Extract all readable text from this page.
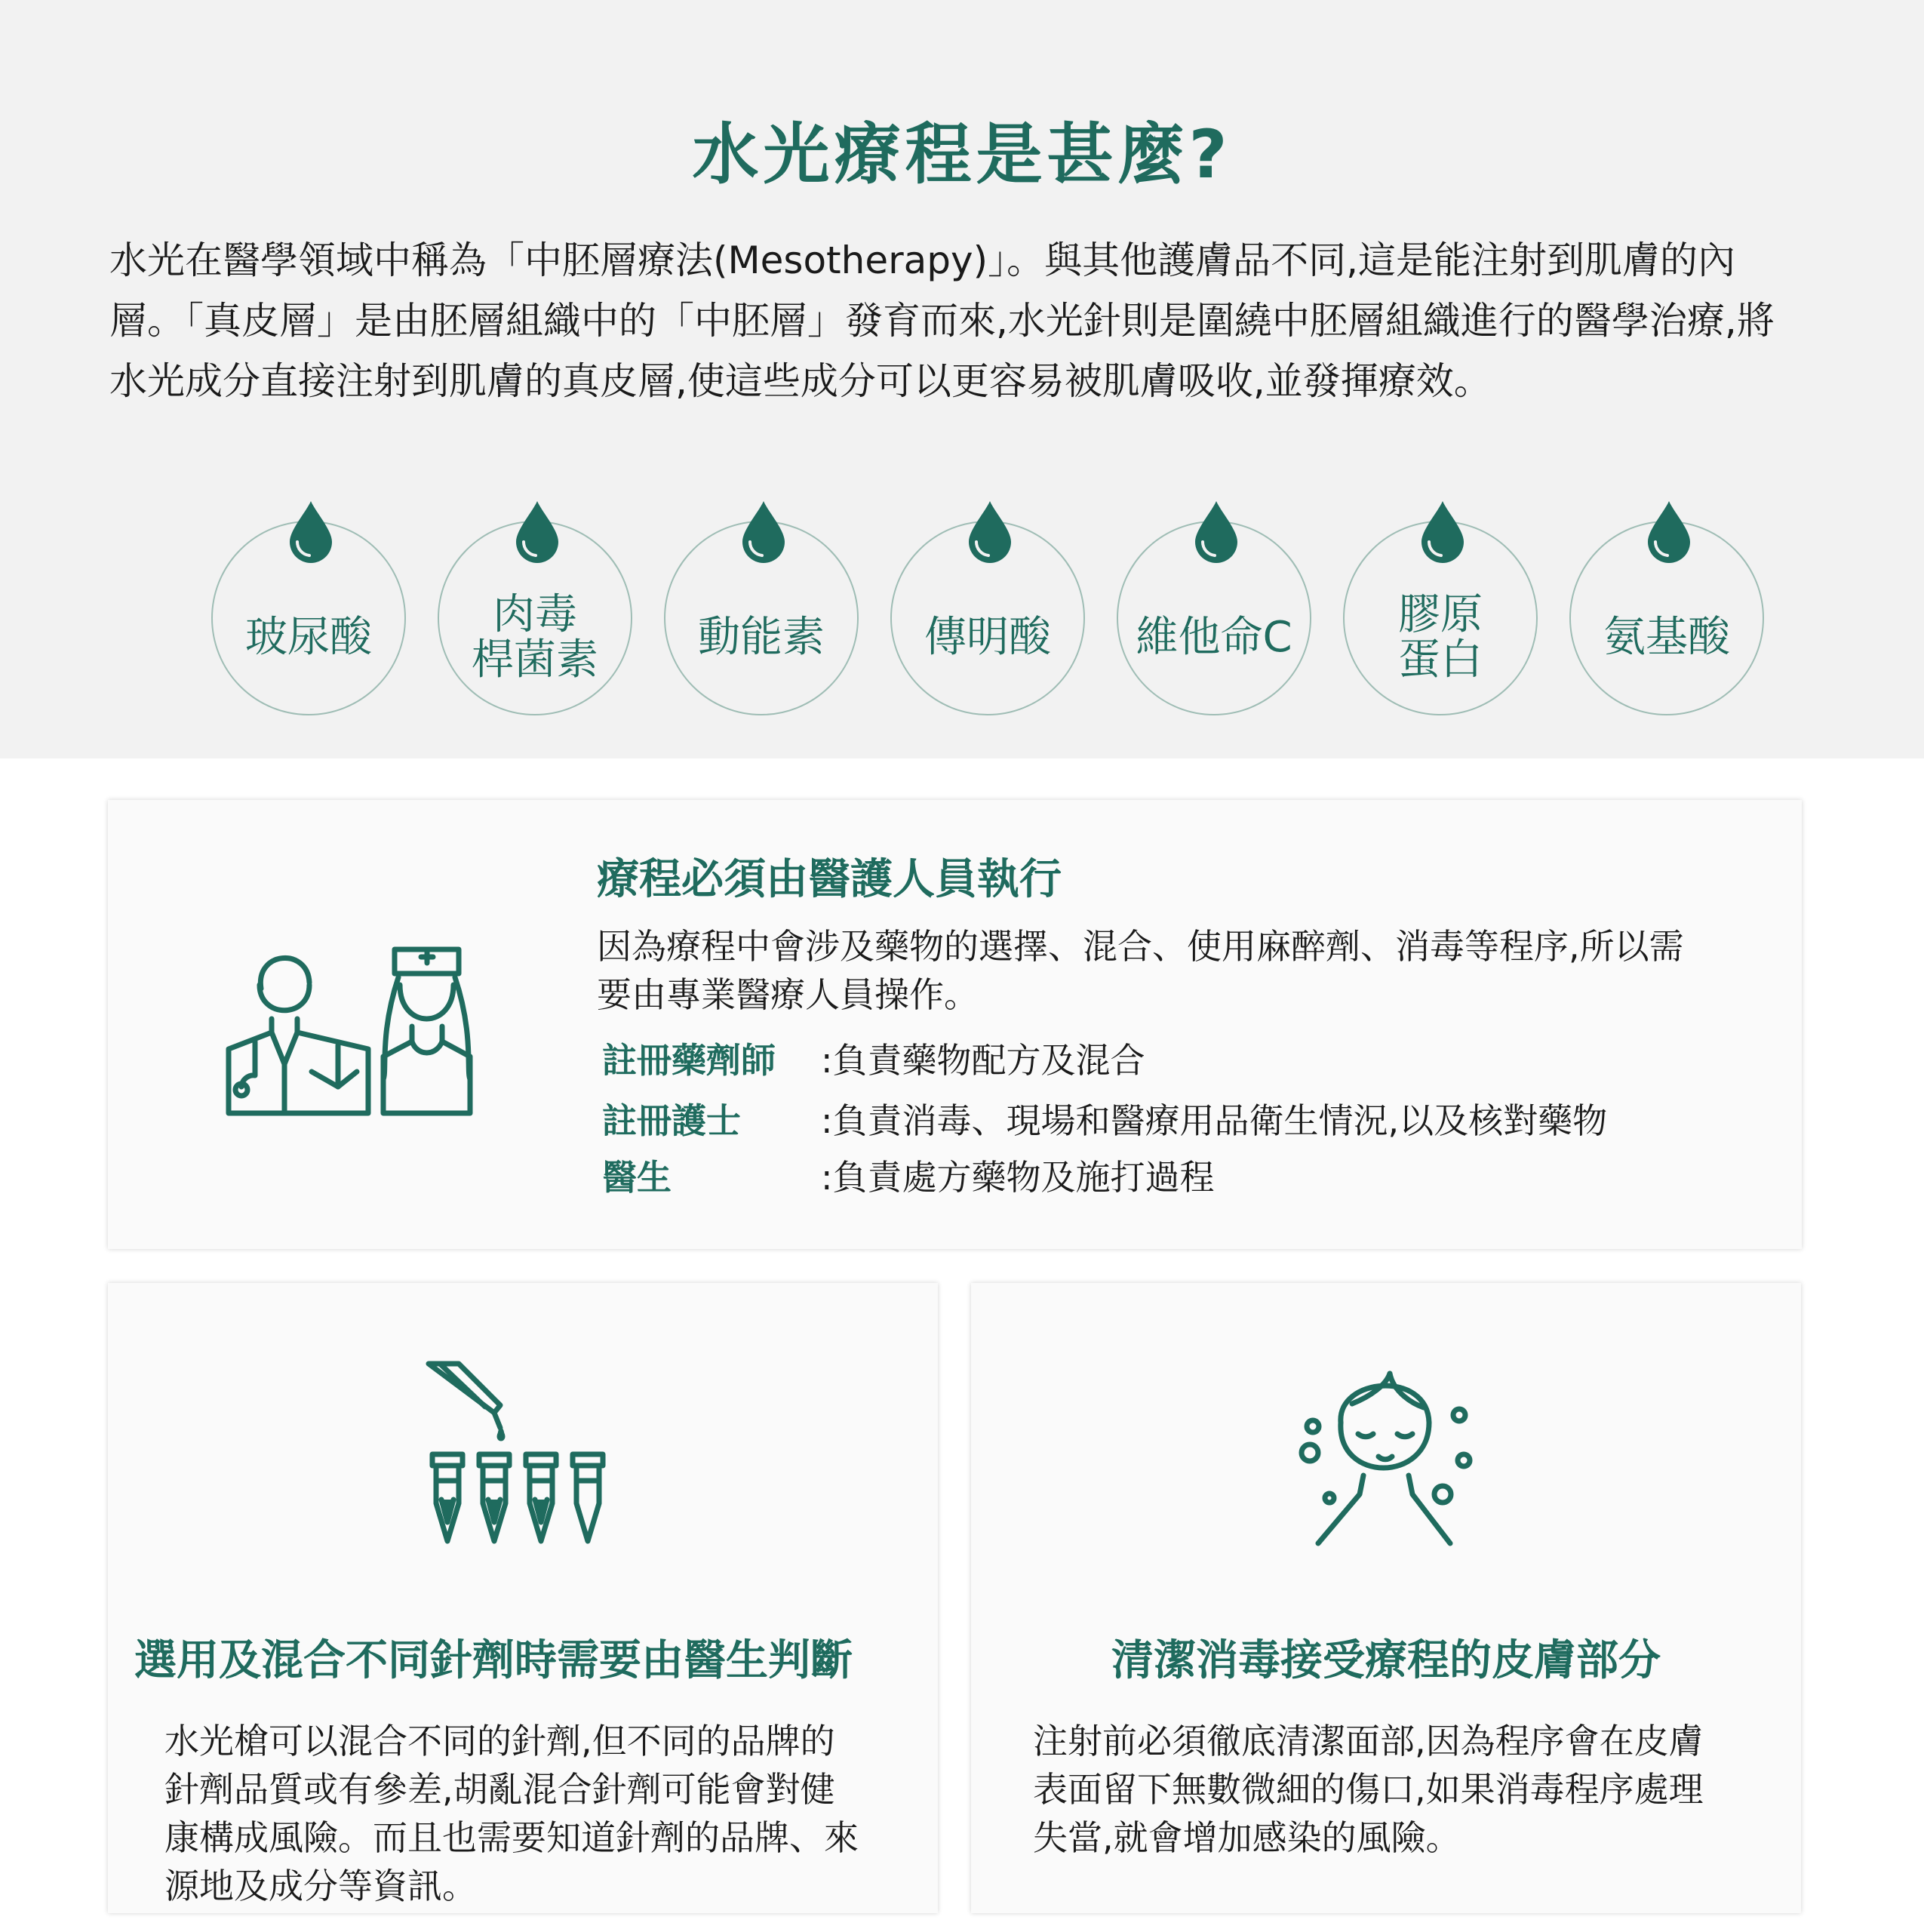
水光療程是甚麼?

水光在醫學領域中稱為「中胚層療法(Mesotherapy)」。與其他護膚品不同,這是能注射到肌膚的內

層。「真皮層」是由胚層組織中的「中胚層」發育而來,水光針則是圍繞中胚層組織進行的醫學治療,將

水光成分直接注射到肌膚的真皮層,使這些成分可以更容易被肌膚吸收,並發揮療效。

玻尿酸	肉毒
桿菌素	動能素	傳明酸	維他命C	膠原
蛋白	氨基酸
療程必須由醫護人員執行
因為療程中會涉及藥物的選擇、混合、使用麻醉劑、消毒等程序,所以需
要由專業醫療人員操作。
註冊藥劑師 :負責藥物配方及混合
註冊護士 :負責消毒、現場和醫療用品衛生情況,以及核對藥物
醫生	:負責處方藥物及施打過程
選用及混合不同針劑時需要由醫生判斷
水光槍可以混合不同的針劑,但不同的品牌的
針劑品質或有參差,胡亂混合針劑可能會對健
康構成風險。而且也需要知道針劑的品牌、來
源地及成分等資訊。
清潔消毒接受療程的皮膚部分
注射前必須徹底清潔面部,因為程序會在皮膚
表面留下無數微細的傷口,如果消毒程序處理
失當,就會增加感染的風險。
